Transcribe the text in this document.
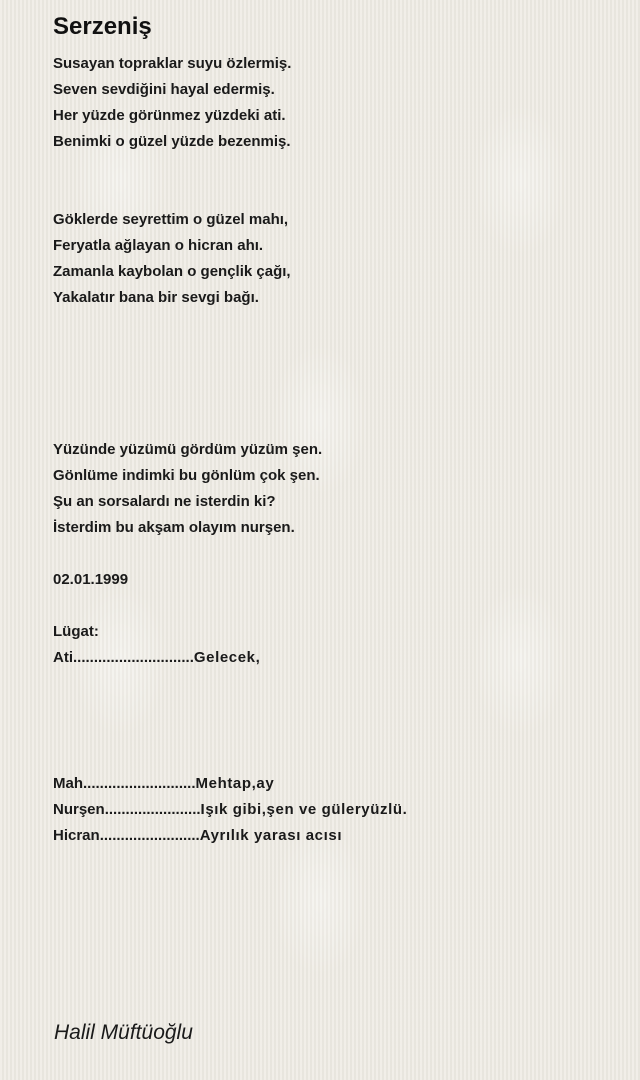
Serzeniş

Susayan topraklar suyu özlermiş.

Seven sevdiğini hayal edermiş.

Her yüzde görünmez yüzdeki ati.

Benimki o güzel yüzde bezenmiş.

Göklerde seyrettim o güzel mahı,

Feryatla ağlayan o hicran ahı.

Zamanla kaybolan o gençlik çağı,

Yakalatır bana bir sevgi bağı.

Yüzünde yüzümü gördüm yüzüm şen.

Gönlüme indimki bu gönlüm çok şen.

Şu an sorsalardı ne isterdin ki?

İsterdim bu akşam olayım nurşen.

02.01.1999

Lügat:

Ati.............................Gelecek,

Mah...........................Mehtap,ay

Nurşen.......................Işık gibi,şen ve güleryüzlü.

Hicran........................Ayrılık yarası acısı

Halil Müftüoğlu
